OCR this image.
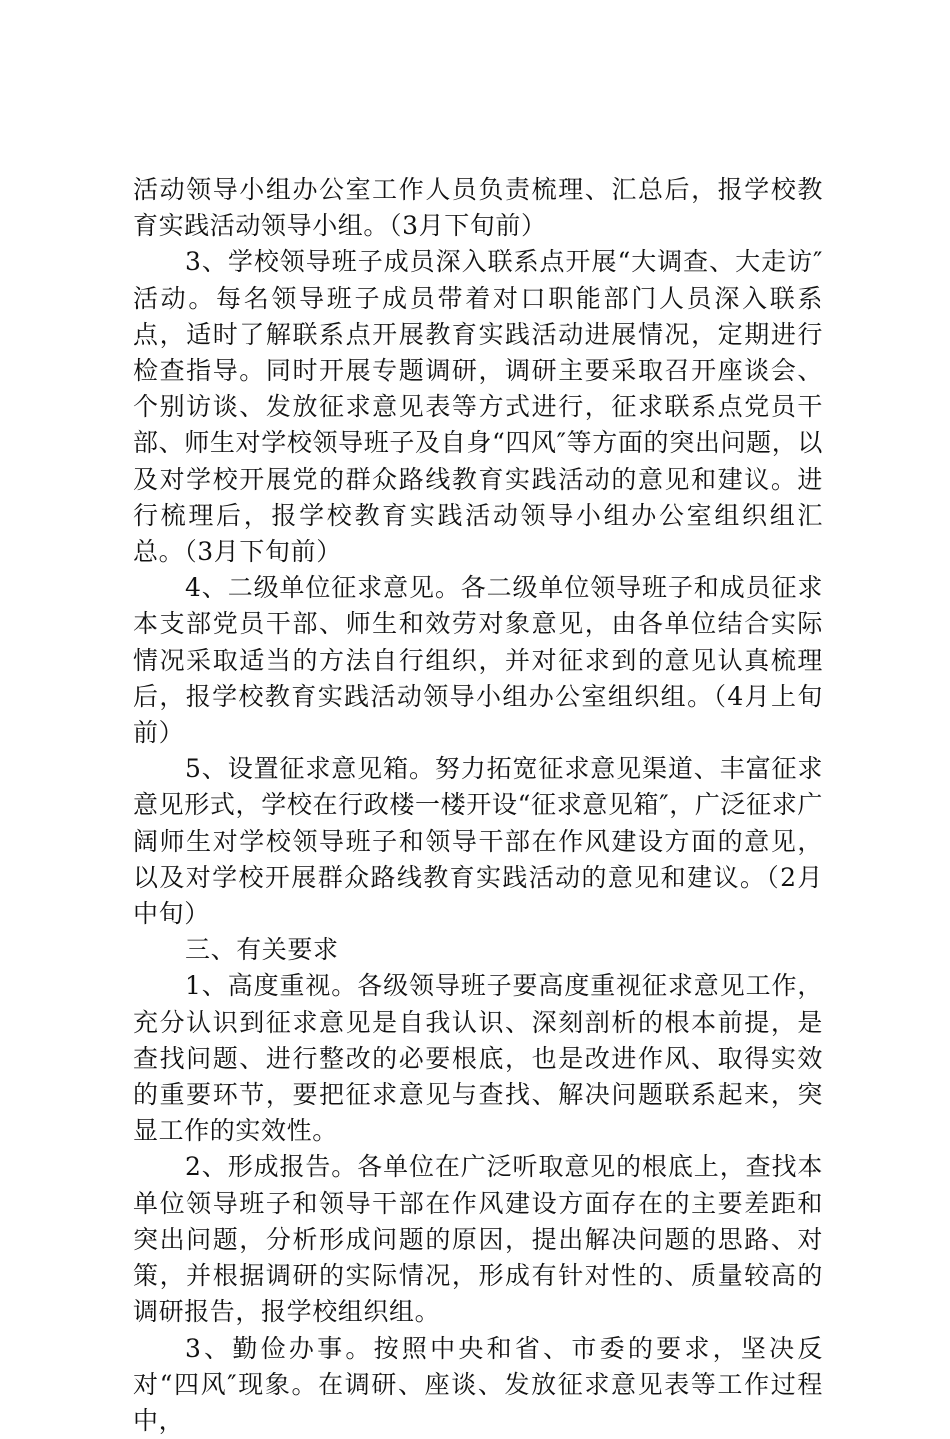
活动领导小组办公室工作人员负责梳理、汇总后，报学校教育实践活动领导小组。（3月下旬前）

3、学校领导班子成员深入联系点开展“大调查、大走访″活动。每名领导班子成员带着对口职能部门人员深入联系点，适时了解联系点开展教育实践活动进展情况，定期进行检查指导。同时开展专题调研，调研主要采取召开座谈会、个别访谈、发放征求意见表等方式进行，征求联系点党员干部、师生对学校领导班子及自身“四风″等方面的突出问题，以及对学校开展党的群众路线教育实践活动的意见和建议。进行梳理后，报学校教育实践活动领导小组办公室组织组汇总。（3月下旬前）

4、二级单位征求意见。各二级单位领导班子和成员征求本支部党员干部、师生和效劳对象意见，由各单位结合实际情况采取适当的方法自行组织，并对征求到的意见认真梳理后，报学校教育实践活动领导小组办公室组织组。（4月上旬前）

5、设置征求意见箱。努力拓宽征求意见渠道、丰富征求意见形式，学校在行政楼一楼开设“征求意见箱″，广泛征求广阔师生对学校领导班子和领导干部在作风建设方面的意见，以及对学校开展群众路线教育实践活动的意见和建议。（2月中旬）

三、有关要求

1、高度重视。各级领导班子要高度重视征求意见工作，充分认识到征求意见是自我认识、深刻剖析的根本前提，是查找问题、进行整改的必要根底，也是改进作风、取得实效的重要环节，要把征求意见与查找、解决问题联系起来，突显工作的实效性。

2、形成报告。各单位在广泛听取意见的根底上，查找本单位领导班子和领导干部在作风建设方面存在的主要差距和突出问题，分析形成问题的原因，提出解决问题的思路、对策，并根据调研的实际情况，形成有针对性的、质量较高的调研报告，报学校组织组。

3、勤俭办事。按照中央和省、市委的要求，坚决反对“四风″现象。在调研、座谈、发放征求意见表等工作过程中，
